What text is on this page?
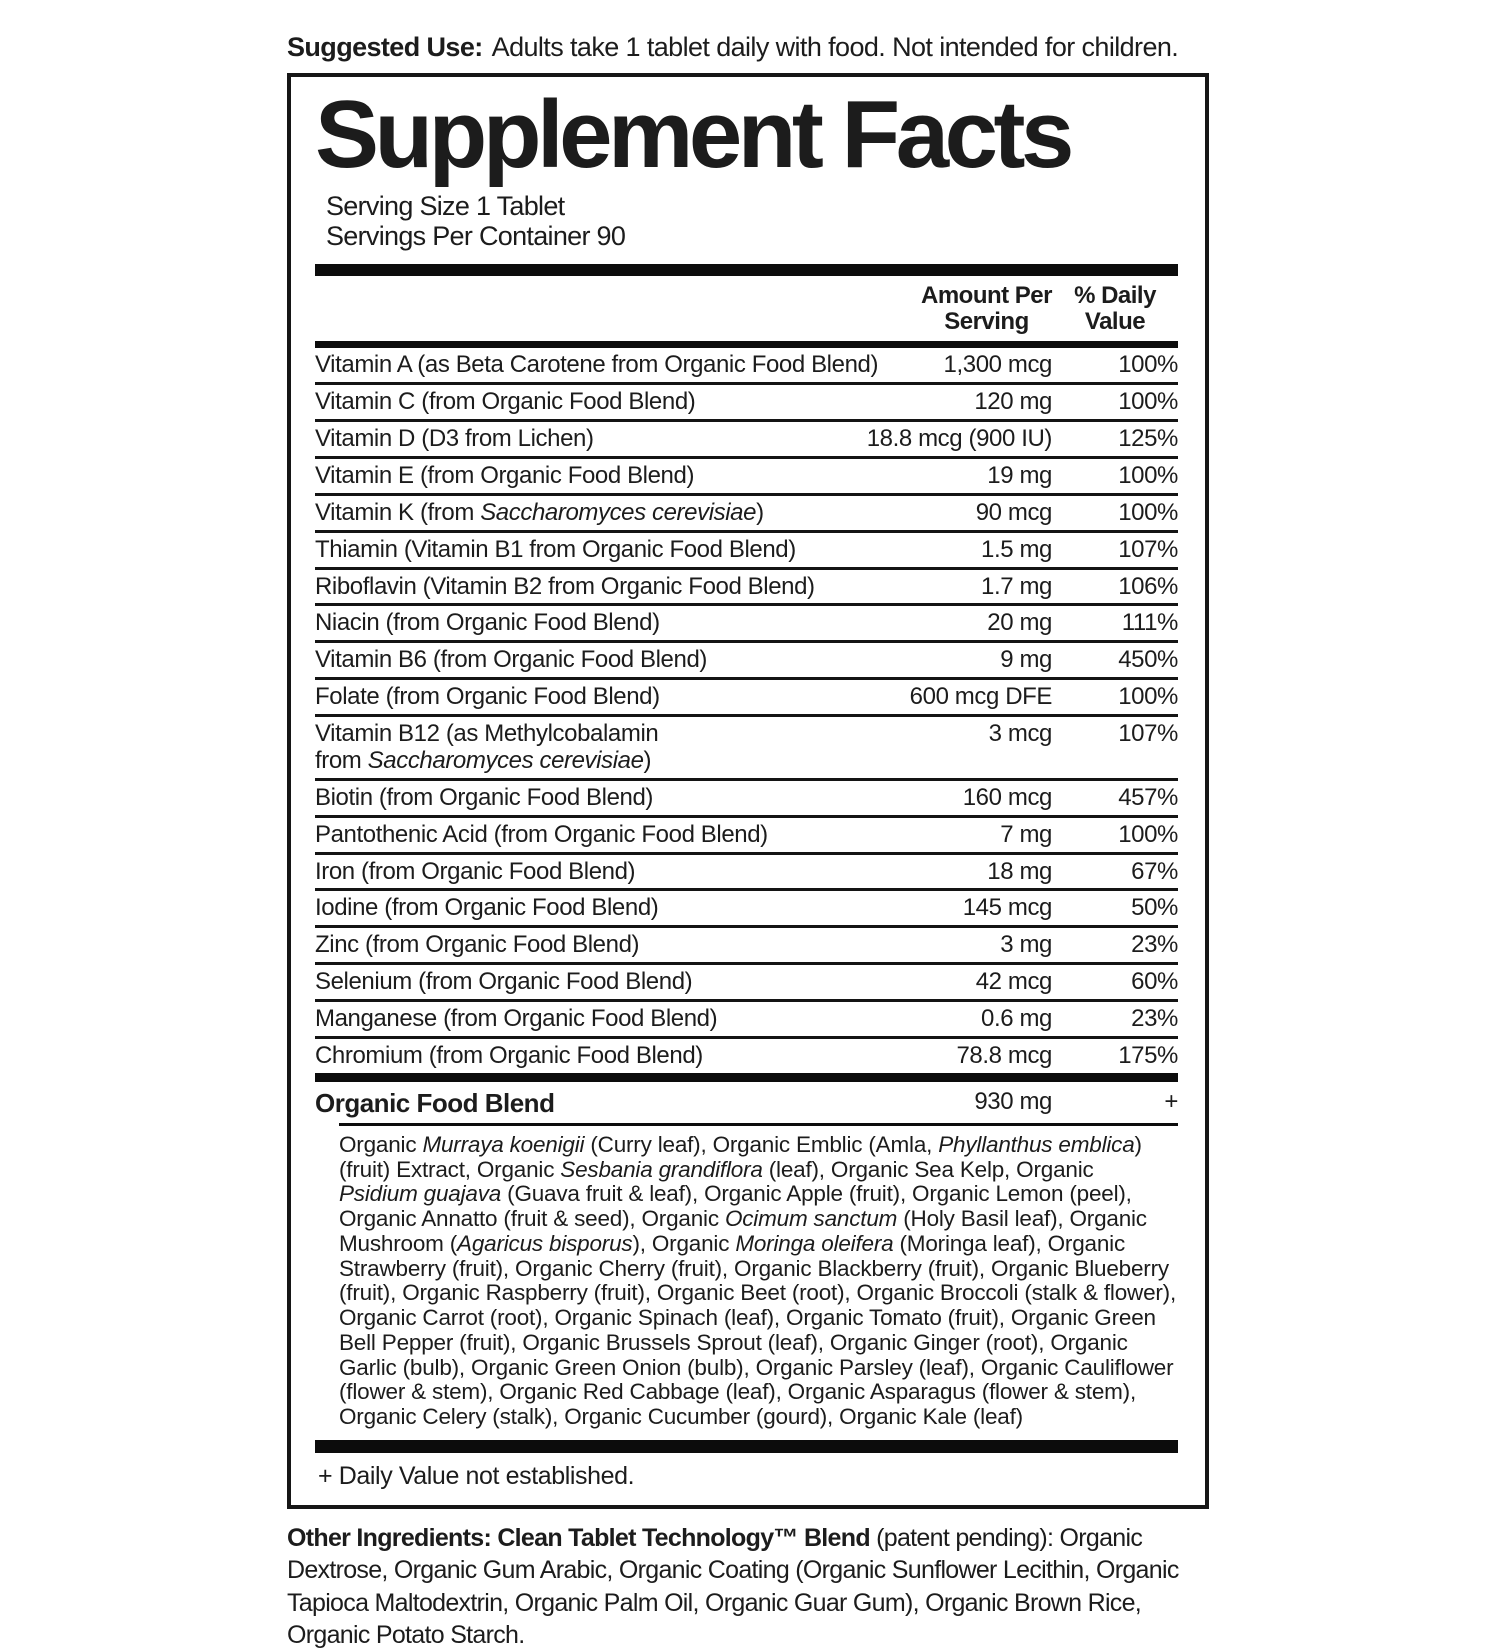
Suggested Use: Adults take 1 tablet daily with food. Not intended for children.
Supplement Facts
Serving Size 1 Tablet
Servings Per Container 90
Amount Per
Serving
% Daily
Value
Vitamin A (as Beta Carotene from Organic Food Blend)	1,300 mcg	100%
Vitamin C (from Organic Food Blend)	120 mg	100%
Vitamin D (D3 from Lichen)	18.8 mcg (900 IU)	125%
Vitamin E (from Organic Food Blend)	19 mg	100%
Vitamin K (from Saccharomyces cerevisiae)	90 mcg	100%
Thiamin (Vitamin B1 from Organic Food Blend)	1.5 mg	107%
Riboflavin (Vitamin B2 from Organic Food Blend)	1.7 mg	106%
Niacin (from Organic Food Blend)	20 mg	111%
Vitamin B6 (from Organic Food Blend)	9 mg	450%
Folate (from Organic Food Blend)	600 mcg DFE	100%
Vitamin B12 (as Methylcobalamin
from Saccharomyces cerevisiae)
3 mcg	107%
Biotin (from Organic Food Blend)	160 mcg	457%
Pantothenic Acid (from Organic Food Blend)	7 mg	100%
Iron (from Organic Food Blend)	18 mg	67%
Iodine (from Organic Food Blend)	145 mcg	50%
Zinc (from Organic Food Blend)	3 mg	23%
Selenium (from Organic Food Blend)	42 mcg	60%
Manganese (from Organic Food Blend)	0.6 mg	23%
Chromium (from Organic Food Blend)	78.8 mcg	175%
Organic Food Blend	930 mg	+
Organic Murraya koenigii (Curry leaf), Organic Emblic (Amla, Phyllanthus emblica) (fruit) Extract, Organic Sesbania grandiflora (leaf), Organic Sea Kelp, Organic Psidium guajava (Guava fruit & leaf), Organic Apple (fruit), Organic Lemon (peel), Organic Annatto (fruit & seed), Organic Ocimum sanctum (Holy Basil leaf), Organic Mushroom (Agaricus bisporus), Organic Moringa oleifera (Moringa leaf), Organic Strawberry (fruit), Organic Cherry (fruit), Organic Blackberry (fruit), Organic Blueberry (fruit), Organic Raspberry (fruit), Organic Beet (root), Organic Broccoli (stalk & flower), Organic Carrot (root), Organic Spinach (leaf), Organic Tomato (fruit), Organic Green Bell Pepper (fruit), Organic Brussels Sprout (leaf), Organic Ginger (root), Organic Garlic (bulb), Organic Green Onion (bulb), Organic Parsley (leaf), Organic Cauliflower (flower & stem), Organic Red Cabbage (leaf), Organic Asparagus (flower & stem), Organic Celery (stalk), Organic Cucumber (gourd), Organic Kale (leaf)
+ Daily Value not established.
Other Ingredients: Clean Tablet Technology™ Blend (patent pending): Organic Dextrose, Organic Gum Arabic, Organic Coating (Organic Sunflower Lecithin, Organic Tapioca Maltodextrin, Organic Palm Oil, Organic Guar Gum), Organic Brown Rice, Organic Potato Starch.
